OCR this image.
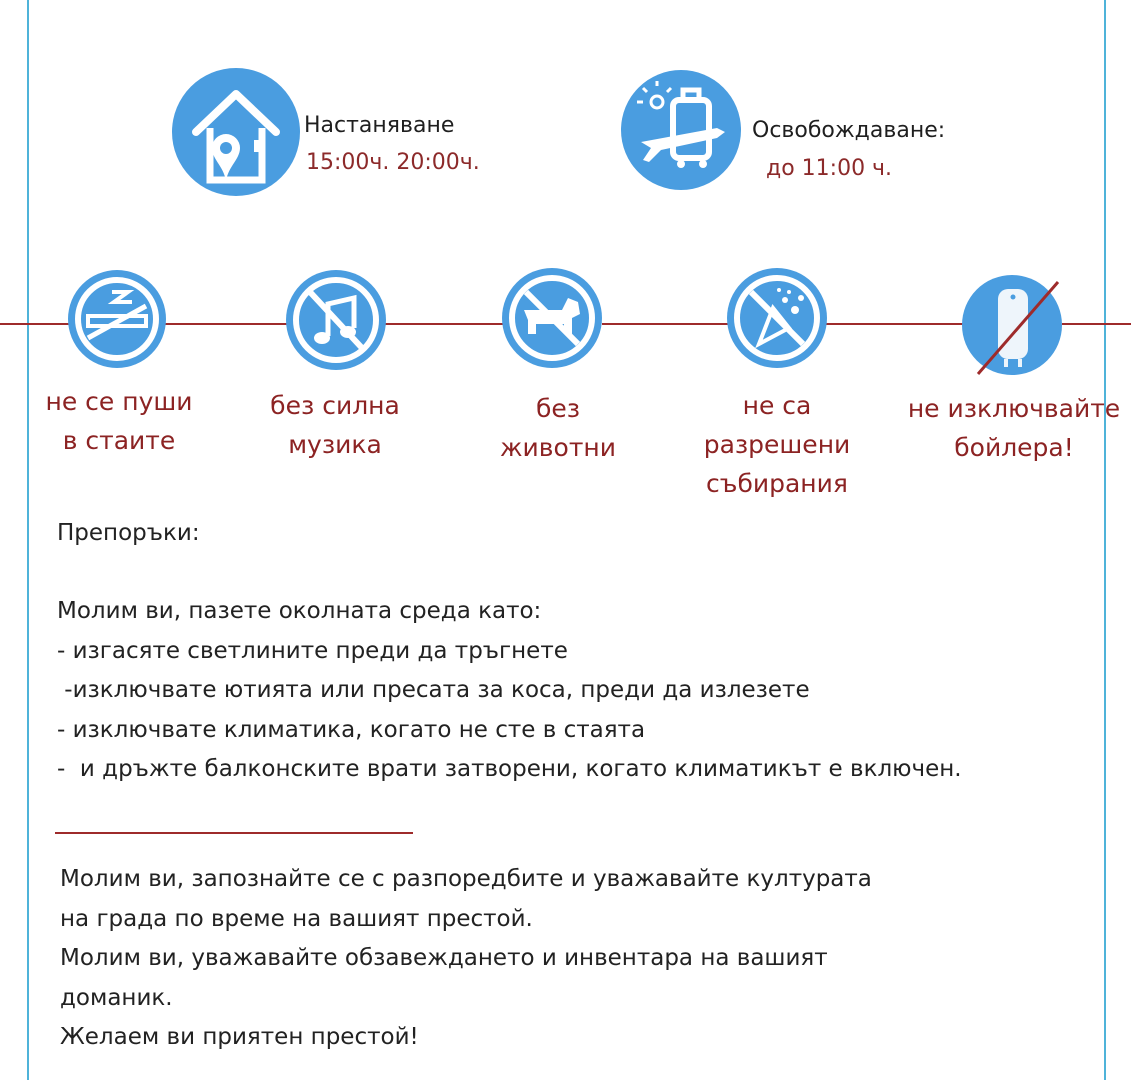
Настаняване
15:00ч. 20:00ч.
Освобождаване:
до 11:00 ч.
не се пуши
в стаите
без силна
музика
без
животни
не са
разрешени
събирания
не изключвайте
бойлера!
Препоръки:
Молим ви, пазете околната среда като:
- изгасяте светлините преди да тръгнете
-изключвате ютията или пресата за коса, преди да излезете
- изключвате климатика, когато не сте в стаята
-  и дръжте балконските врати затворени, когато климатикът е включен.
Молим ви, запознайте се с разпоредбите и уважавайте културата
на града по време на вашият престой.
Молим ви, уважавайте обзавеждането и инвентара на вашият
доманик.
Желаем ви приятен престой!
